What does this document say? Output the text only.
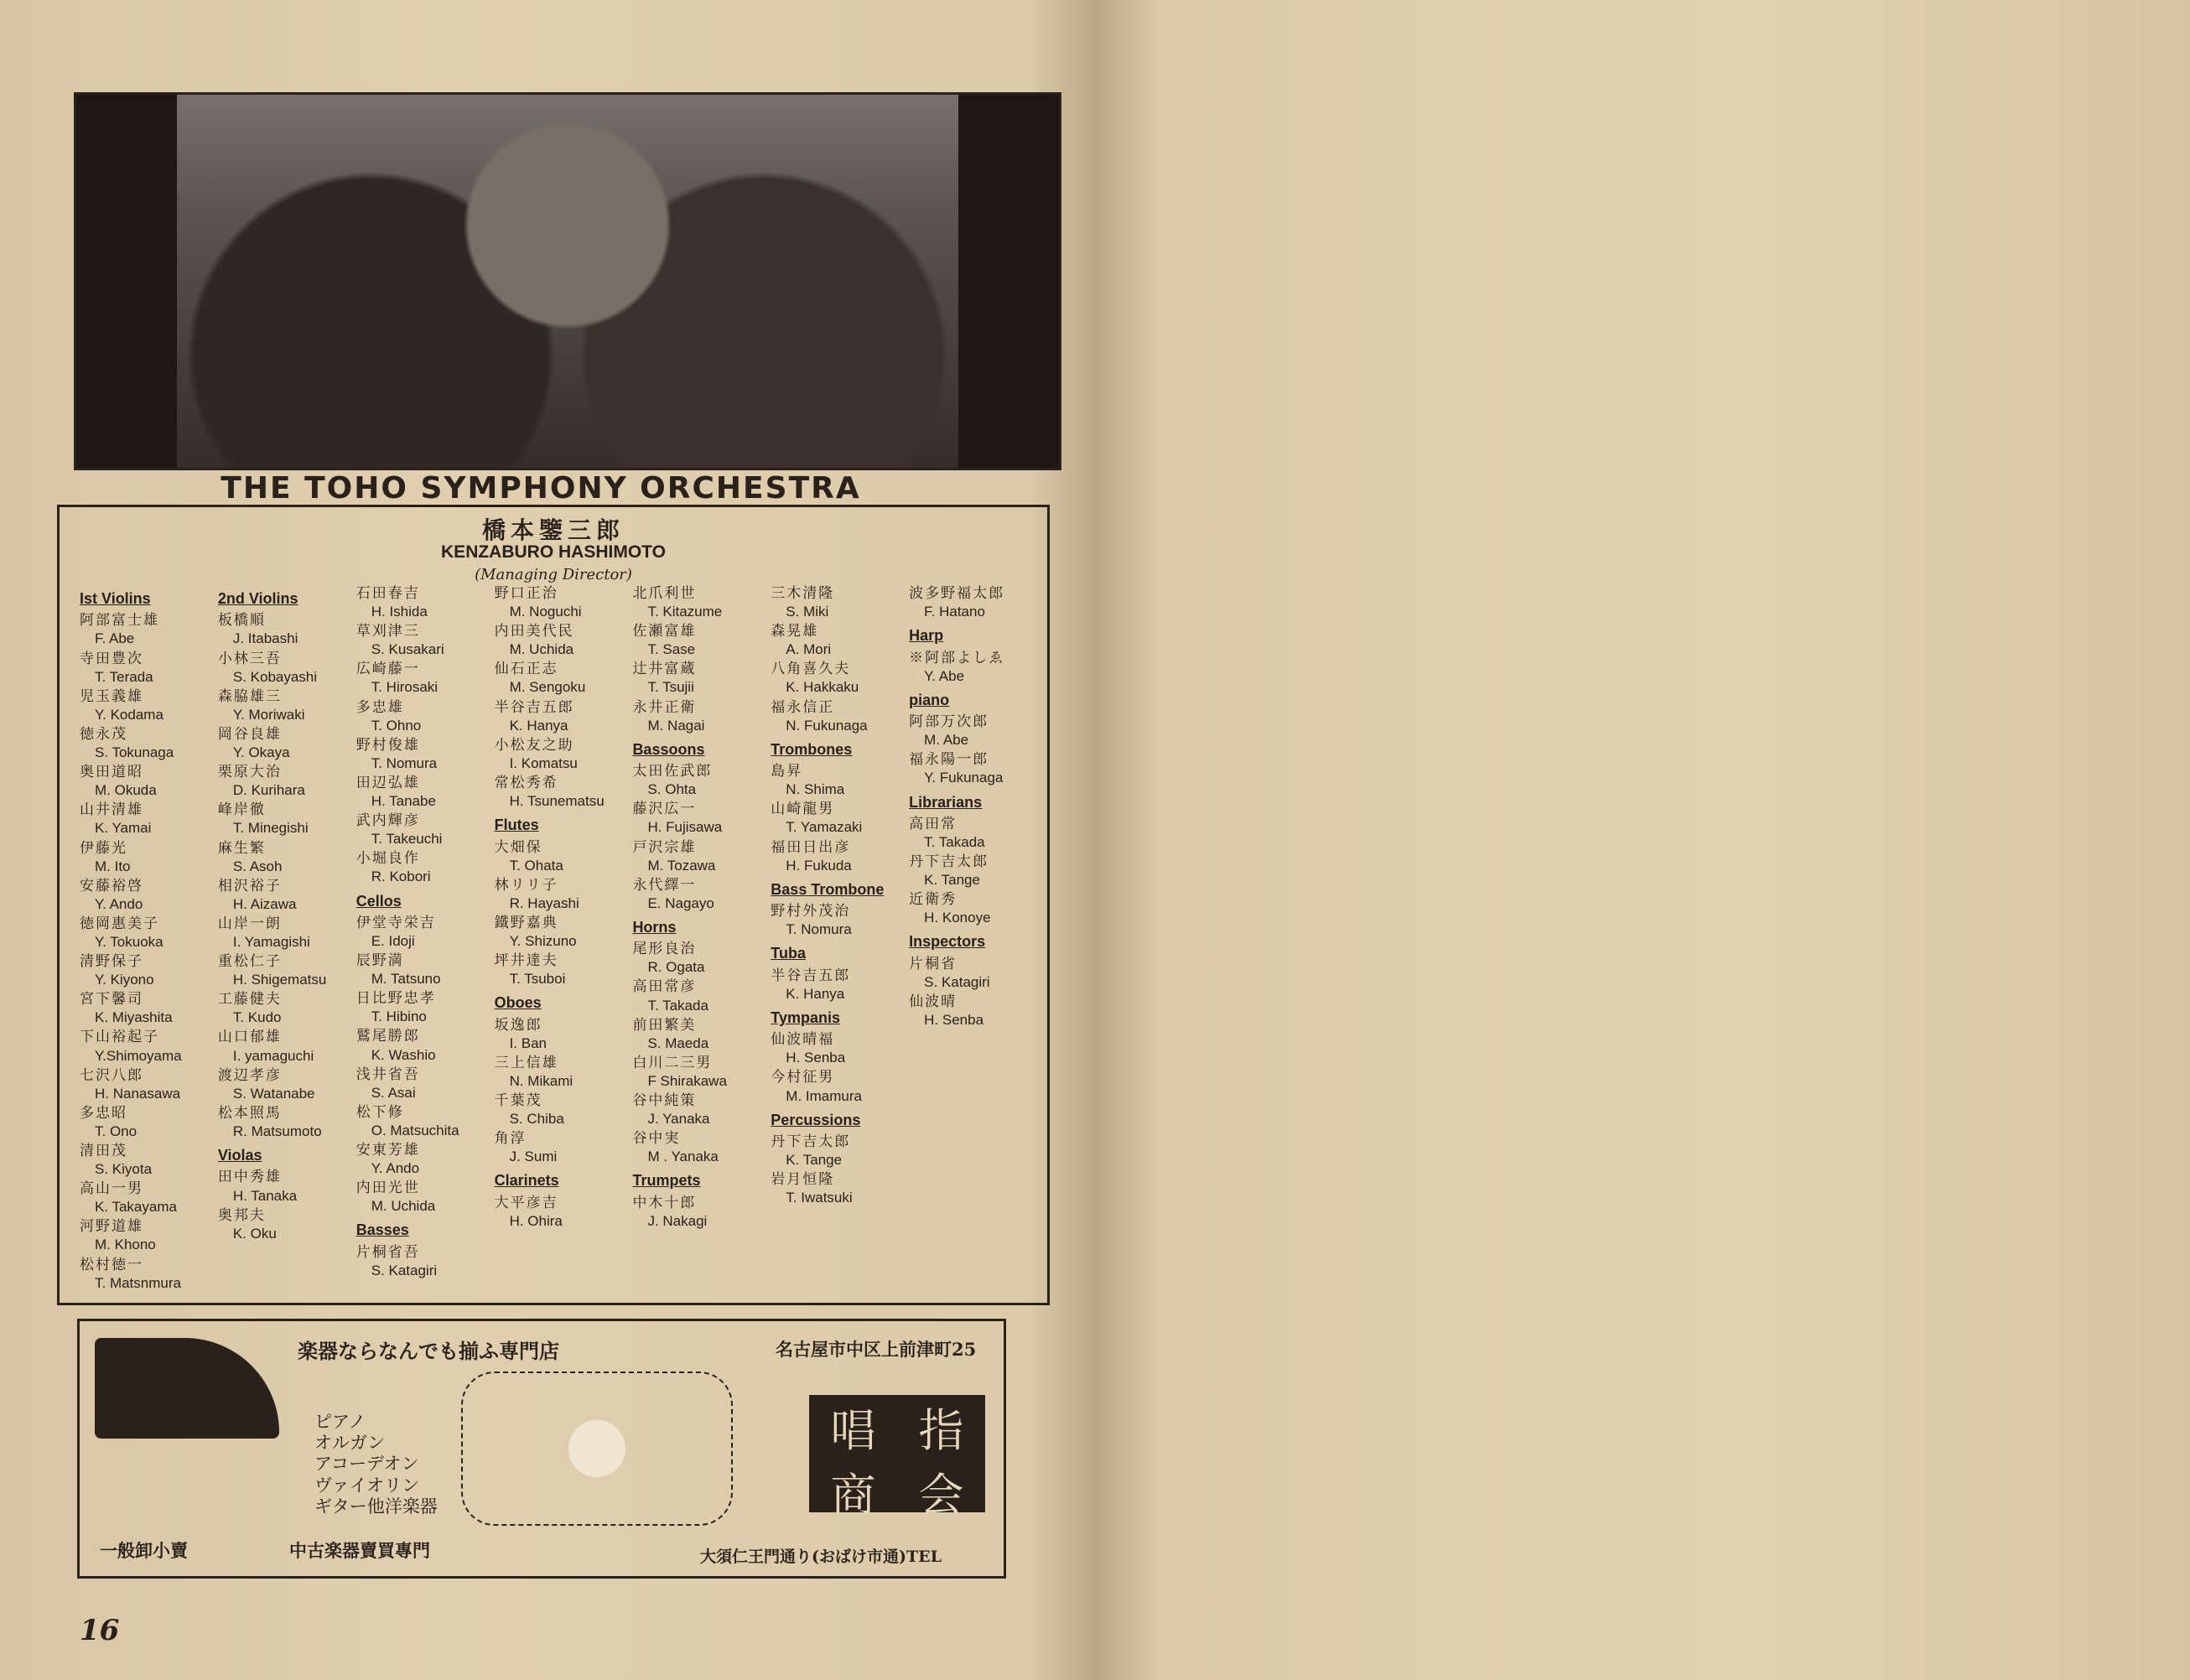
THE TOHO SYMPHONY ORCHESTRA
橋本鑒三郎
KENZABURO HASHIMOTO
(Managing Director)
Ist Violins
阿部富士雄
F. Abe
寺田豊次
T. Terada
児玉義雄
Y. Kodama
徳永茂
S. Tokunaga
奥田道昭
M. Okuda
山井清雄
K. Yamai
伊藤光
M. Ito
安藤裕啓
Y. Ando
徳岡惠美子
Y. Tokuoka
清野保子
Y. Kiyono
宮下馨司
K. Miyashita
下山裕起子
Y.Shimoyama
七沢八郎
H. Nanasawa
多忠昭
T. Ono
清田茂
S. Kiyota
高山一男
K. Takayama
河野道雄
M. Khono
松村徳一
T. Matsnmura
2nd Violins
板橋順
J. Itabashi
小林三吾
S. Kobayashi
森脇雄三
Y. Moriwaki
岡谷良雄
Y. Okaya
栗原大治
D. Kurihara
峰岸徹
T. Minegishi
麻生繁
S. Asoh
相沢裕子
H. Aizawa
山岸一朗
I. Yamagishi
重松仁子
H. Shigematsu
工藤健夫
T. Kudo
山口郁雄
I. yamaguchi
渡辺孝彦
S. Watanabe
松本照馬
R. Matsumoto
Violas
田中秀雄
H. Tanaka
奥邦夫
K. Oku
石田春吉
H. Ishida
草刈津三
S. Kusakari
広崎藤一
T. Hirosaki
多忠雄
T. Ohno
野村俊雄
T. Nomura
田辺弘雄
H. Tanabe
武内輝彦
T. Takeuchi
小堀良作
R. Kobori
Cellos
伊堂寺栄吉
E. Idoji
辰野満
M. Tatsuno
日比野忠孝
T. Hibino
鷲尾勝郎
K. Washio
浅井省吾
S. Asai
松下修
O. Matsuchita
安東芳雄
Y. Ando
内田光世
M. Uchida
Basses
片桐省吾
S. Katagiri
野口正治
M. Noguchi
内田美代民
M. Uchida
仙石正志
M. Sengoku
半谷吉五郎
K. Hanya
小松友之助
I. Komatsu
常松秀希
H. Tsunematsu
Flutes
大畑保
T. Ohata
林リリ子
R. Hayashi
鐵野嘉典
Y. Shizuno
坪井達夫
T. Tsuboi
Oboes
坂逸郎
I. Ban
三上信雄
N. Mikami
千葉茂
S. Chiba
角淳
J. Sumi
Clarinets
大平彦吉
H. Ohira
北爪利世
T. Kitazume
佐瀬富雄
T. Sase
辻井富蔵
T. Tsujii
永井正衛
M. Nagai
Bassoons
太田佐武郎
S. Ohta
藤沢広一
H. Fujisawa
戸沢宗雄
M. Tozawa
永代繹一
E. Nagayo
Horns
尾形良治
R. Ogata
高田常彦
T. Takada
前田繁美
S. Maeda
白川二三男
F Shirakawa
谷中純策
J. Yanaka
谷中実
M . Yanaka
Trumpets
中木十郎
J. Nakagi
三木清隆
S. Miki
森晃雄
A. Mori
八角喜久夫
K. Hakkaku
福永信正
N. Fukunaga
Trombones
島昇
N. Shima
山崎龍男
T. Yamazaki
福田日出彦
H. Fukuda
Bass Trombone
野村外茂治
T. Nomura
Tuba
半谷吉五郎
K. Hanya
Tympanis
仙波晴福
H. Senba
今村征男
M. Imamura
Percussions
丹下吉太郎
K. Tange
岩月恒隆
T. Iwatsuki
波多野福太郎
F. Hatano
Harp
※阿部よしゑ
Y. Abe
piano
阿部万次郎
M. Abe
福永陽一郎
Y. Fukunaga
Librarians
高田常
T. Takada
丹下吉太郎
K. Tange
近衛秀
H. Konoye
Inspectors
片桐省
S. Katagiri
仙波晴
H. Senba
楽器ならなんでも揃ふ専門店
ピアノ
オルガン
アコーデオン
ヴァイオリン
ギター他洋楽器
一般卸小賣	中古楽器賣買專門
名古屋市中区上前津町25
唱 指
商 会
大須仁王門通り(おばけ市通)TEL
16
